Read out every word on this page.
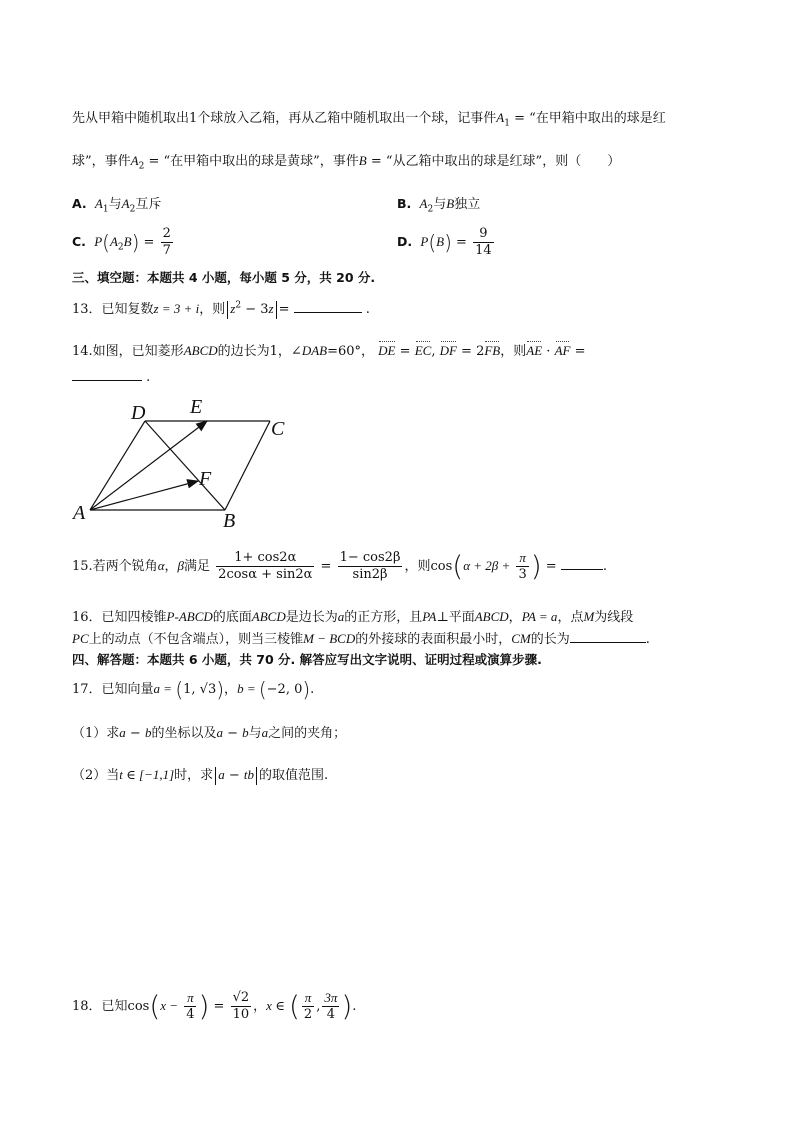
先从甲箱中随机取出1个球放入乙箱，再从乙箱中随机取出一个球，记事件$A_1$ = “在甲箱中取出的球是红
球”，事件$A_2$ = “在甲箱中取出的球是黄球”，事件B = “从乙箱中取出的球是红球”，则（　　）
A. $A_1$与$A_2$互斥	B. $A_2$与B独立
C. $P(A_2B) = \frac{2}{7}$	D. $P(B) = \frac{9}{14}$
三、填空题：本题共 4 小题，每小题 5 分，共 20 分.
13．已知复数z = 3 + i，则 $z^2 - 3z$ =	.
14.如图，已知菱形ABCD的边长为1，∠DAB=60°， DE = EC, DF = 2FB，则AE · AF =
.
A	B
C
D E
F
15.若两个锐角α，β满足 $\frac{1+ \cos 2\alpha}{2\cos\alpha + \sin 2\alpha} = \frac{1- \cos 2\beta}{\sin 2\beta}$ ，则$\cos(\alpha + 2\beta + \frac{\pi}{3}$ ) =	.
16．已知四棱锥P-ABCD的底面ABCD是边长为a的正方形，且PA⊥平面ABCD，PA = a，点M为线段
PC上的动点（不包含端点），则当三棱锥M − BCD的外接球的表面积最小时，CM的长为	.
四、解答题：本题共 6 小题，共 70 分. 解答应写出文字说明、证明过程或演算步骤.
17．已知向量a = (1, √3)，b = (−2, 0).
（1）求a − b的坐标以及a − b与a之间的夹角；
（2）当t ∈ [−1,1]时，求 a − tb 的取值范围.
18．已知$\cos(x - \frac{\pi}{4}$ ) = $\frac{√2}{10}$ ，x ∈ ( $\frac{\pi}{2}$ , $\frac{3\pi}{4}$ ).
